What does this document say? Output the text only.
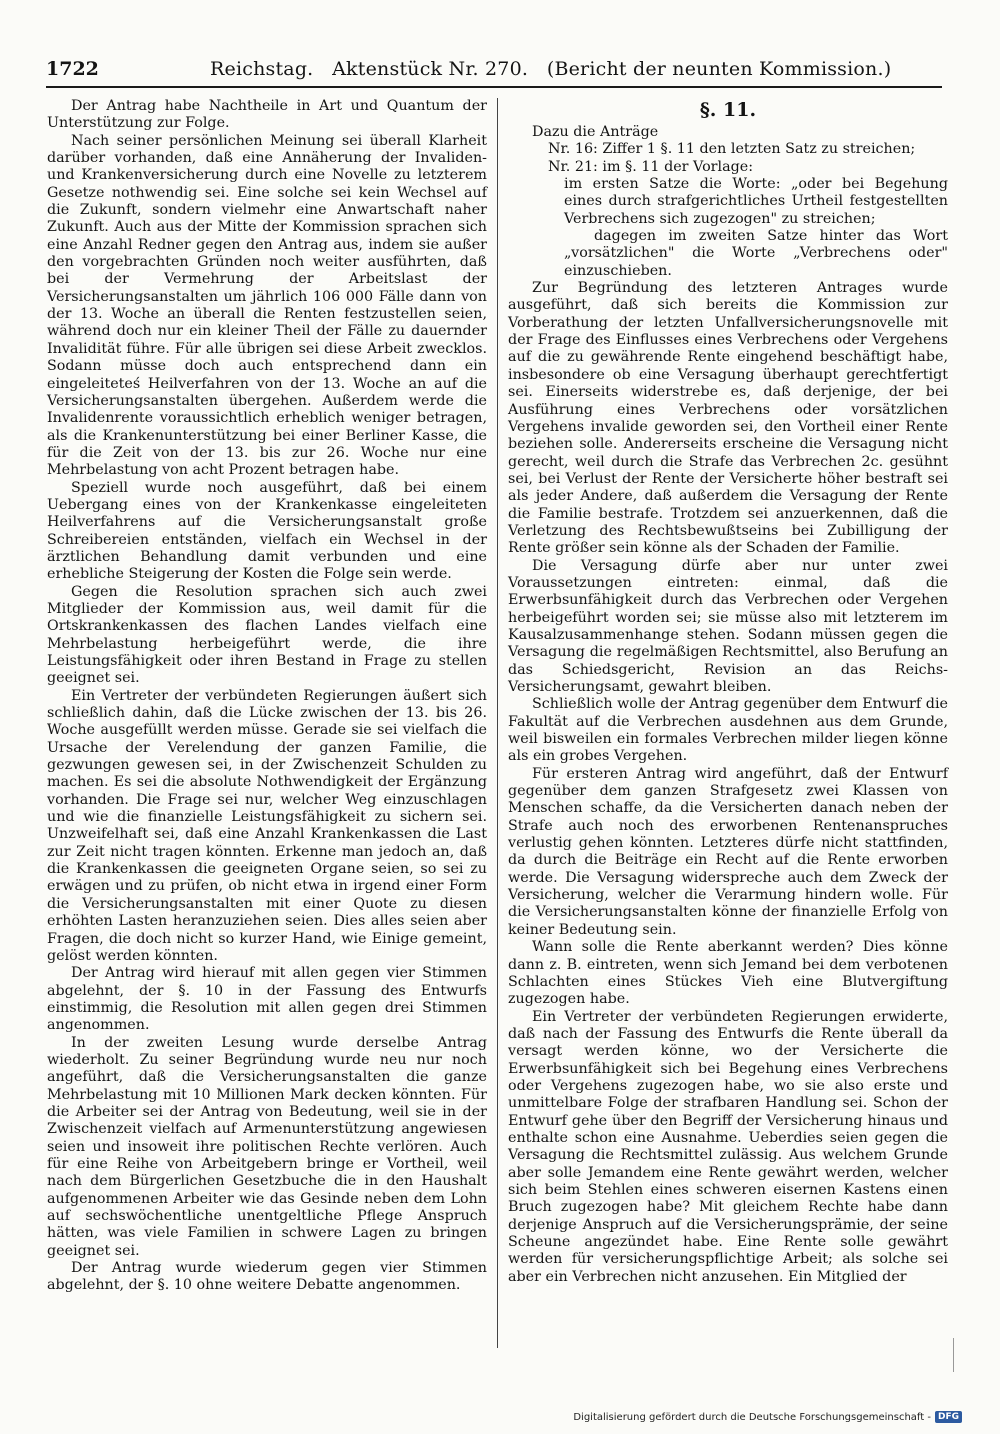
1722	Reichstag.   Aktenstück Nr. 270.   (Bericht der neunten Kommission.)

Der Antrag habe Nachtheile in Art und Quantum der Unterstützung zur Folge.

Nach seiner persönlichen Meinung sei überall Klarheit darüber vorhanden, daß eine Annäherung der Invaliden- und Krankenversicherung durch eine Novelle zu letzterem Gesetze nothwendig sei. Eine solche sei kein Wechsel auf die Zukunft, sondern vielmehr eine Anwartschaft naher Zukunft. Auch aus der Mitte der Kommission sprachen sich eine Anzahl Redner gegen den Antrag aus, indem sie außer den vorgebrachten Gründen noch weiter ausführten, daß bei der Vermehrung der Arbeitslast der Versicherungsanstalten um jährlich 106 000 Fälle dann von der 13. Woche an überall die Renten festzustellen seien, während doch nur ein kleiner Theil der Fälle zu dauernder Invalidität führe. Für alle übrigen sei diese Arbeit zwecklos. Sodann müsse doch auch entsprechend dann ein eingeleiteteś Heilverfahren von der 13. Woche an auf die Versicherungsanstalten übergehen. Außerdem werde die Invalidenrente voraussichtlich erheblich weniger betragen, als die Krankenunterstützung bei einer Berliner Kasse, die für die Zeit von der 13. bis zur 26. Woche nur eine Mehrbelastung von acht Prozent betragen habe.

Speziell wurde noch ausgeführt, daß bei einem Uebergang eines von der Krankenkasse eingeleiteten Heilverfahrens auf die Versicherungsanstalt große Schreibereien entständen, vielfach ein Wechsel in der ärztlichen Behandlung damit verbunden und eine erhebliche Steigerung der Kosten die Folge sein werde.

Gegen die Resolution sprachen sich auch zwei Mitglieder der Kommission aus, weil damit für die Ortskrankenkassen des flachen Landes vielfach eine Mehrbelastung herbeigeführt werde, die ihre Leistungsfähigkeit oder ihren Bestand in Frage zu stellen geeignet sei.

Ein Vertreter der verbündeten Regierungen äußert sich schließlich dahin, daß die Lücke zwischen der 13. bis 26. Woche ausgefüllt werden müsse. Gerade sie sei vielfach die Ursache der Verelendung der ganzen Familie, die gezwungen gewesen sei, in der Zwischenzeit Schulden zu machen. Es sei die absolute Nothwendigkeit der Ergänzung vorhanden. Die Frage sei nur, welcher Weg einzuschlagen und wie die finanzielle Leistungsfähigkeit zu sichern sei. Unzweifelhaft sei, daß eine Anzahl Krankenkassen die Last zur Zeit nicht tragen könnten. Erkenne man jedoch an, daß die Krankenkassen die geeigneten Organe seien, so sei zu erwägen und zu prüfen, ob nicht etwa in irgend einer Form die Versicherungsanstalten mit einer Quote zu diesen erhöhten Lasten heranzuziehen seien. Dies alles seien aber Fragen, die doch nicht so kurzer Hand, wie Einige gemeint, gelöst werden könnten.

Der Antrag wird hierauf mit allen gegen vier Stimmen abgelehnt, der §. 10 in der Fassung des Entwurfs einstimmig, die Resolution mit allen gegen drei Stimmen angenommen.

In der zweiten Lesung wurde derselbe Antrag wiederholt. Zu seiner Begründung wurde neu nur noch angeführt, daß die Versicherungsanstalten die ganze Mehrbelastung mit 10 Millionen Mark decken könnten. Für die Arbeiter sei der Antrag von Bedeutung, weil sie in der Zwischenzeit vielfach auf Armenunterstützung angewiesen seien und insoweit ihre politischen Rechte verlören. Auch für eine Reihe von Arbeitgebern bringe er Vortheil, weil nach dem Bürgerlichen Gesetzbuche die in den Haushalt aufgenommenen Arbeiter wie das Gesinde neben dem Lohn auf sechswöchentliche unentgeltliche Pflege Anspruch hätten, was viele Familien in schwere Lagen zu bringen geeignet sei.

Der Antrag wurde wiederum gegen vier Stimmen abgelehnt, der §. 10 ohne weitere Debatte angenommen.

§. 11.

Dazu die Anträge

Nr. 16: Ziffer 1 §. 11 den letzten Satz zu streichen;

Nr. 21: im §. 11 der Vorlage:

im ersten Satze die Worte: „oder bei Begehung eines durch strafgerichtliches Urtheil festgestellten Verbrechens sich zugezogen" zu streichen;

dagegen im zweiten Satze hinter das Wort „vorsätzlichen" die Worte „Verbrechens oder" einzuschieben.

Zur Begründung des letzteren Antrages wurde ausgeführt, daß sich bereits die Kommission zur Vorberathung der letzten Unfallversicherungsnovelle mit der Frage des Einflusses eines Verbrechens oder Vergehens auf die zu gewährende Rente eingehend beschäftigt habe, insbesondere ob eine Versagung überhaupt gerechtfertigt sei. Einerseits widerstrebe es, daß derjenige, der bei Ausführung eines Verbrechens oder vorsätzlichen Vergehens invalide geworden sei, den Vortheil einer Rente beziehen solle. Andererseits erscheine die Versagung nicht gerecht, weil durch die Strafe das Verbrechen 2c. gesühnt sei, bei Verlust der Rente der Versicherte höher bestraft sei als jeder Andere, daß außerdem die Versagung der Rente die Familie bestrafe. Trotzdem sei anzuerkennen, daß die Verletzung des Rechtsbewußtseins bei Zubilligung der Rente größer sein könne als der Schaden der Familie.

Die Versagung dürfe aber nur unter zwei Voraussetzungen eintreten: einmal, daß die Erwerbsunfähigkeit durch das Verbrechen oder Vergehen herbeigeführt worden sei; sie müsse also mit letzterem im Kausalzusammenhange stehen. Sodann müssen gegen die Versagung die regelmäßigen Rechtsmittel, also Berufung an das Schiedsgericht, Revision an das Reichs-Versicherungsamt, gewahrt bleiben.

Schließlich wolle der Antrag gegenüber dem Entwurf die Fakultät auf die Verbrechen ausdehnen aus dem Grunde, weil bisweilen ein formales Verbrechen milder liegen könne als ein grobes Vergehen.

Für ersteren Antrag wird angeführt, daß der Entwurf gegenüber dem ganzen Strafgesetz zwei Klassen von Menschen schaffe, da die Versicherten danach neben der Strafe auch noch des erworbenen Rentenanspruches verlustig gehen könnten. Letzteres dürfe nicht stattfinden, da durch die Beiträge ein Recht auf die Rente erworben werde. Die Versagung widerspreche auch dem Zweck der Versicherung, welcher die Verarmung hindern wolle. Für die Versicherungsanstalten könne der finanzielle Erfolg von keiner Bedeutung sein.

Wann solle die Rente aberkannt werden? Dies könne dann z. B. eintreten, wenn sich Jemand bei dem verbotenen Schlachten eines Stückes Vieh eine Blutvergiftung zugezogen habe.

Ein Vertreter der verbündeten Regierungen erwiderte, daß nach der Fassung des Entwurfs die Rente überall da versagt werden könne, wo der Versicherte die Erwerbsunfähigkeit sich bei Begehung eines Verbrechens oder Vergehens zugezogen habe, wo sie also erste und unmittelbare Folge der strafbaren Handlung sei. Schon der Entwurf gehe über den Begriff der Versicherung hinaus und enthalte schon eine Ausnahme. Ueberdies seien gegen die Versagung die Rechtsmittel zulässig. Aus welchem Grunde aber solle Jemandem eine Rente gewährt werden, welcher sich beim Stehlen eines schweren eisernen Kastens einen Bruch zugezogen habe? Mit gleichem Rechte habe dann derjenige Anspruch auf die Versicherungsprämie, der seine Scheune angezündet habe. Eine Rente solle gewährt werden für versicherungspflichtige Arbeit; als solche sei aber ein Verbrechen nicht anzusehen. Ein Mitglied der

Digitalisierung gefördert durch die Deutsche Forschungsgemeinschaft - DFG
